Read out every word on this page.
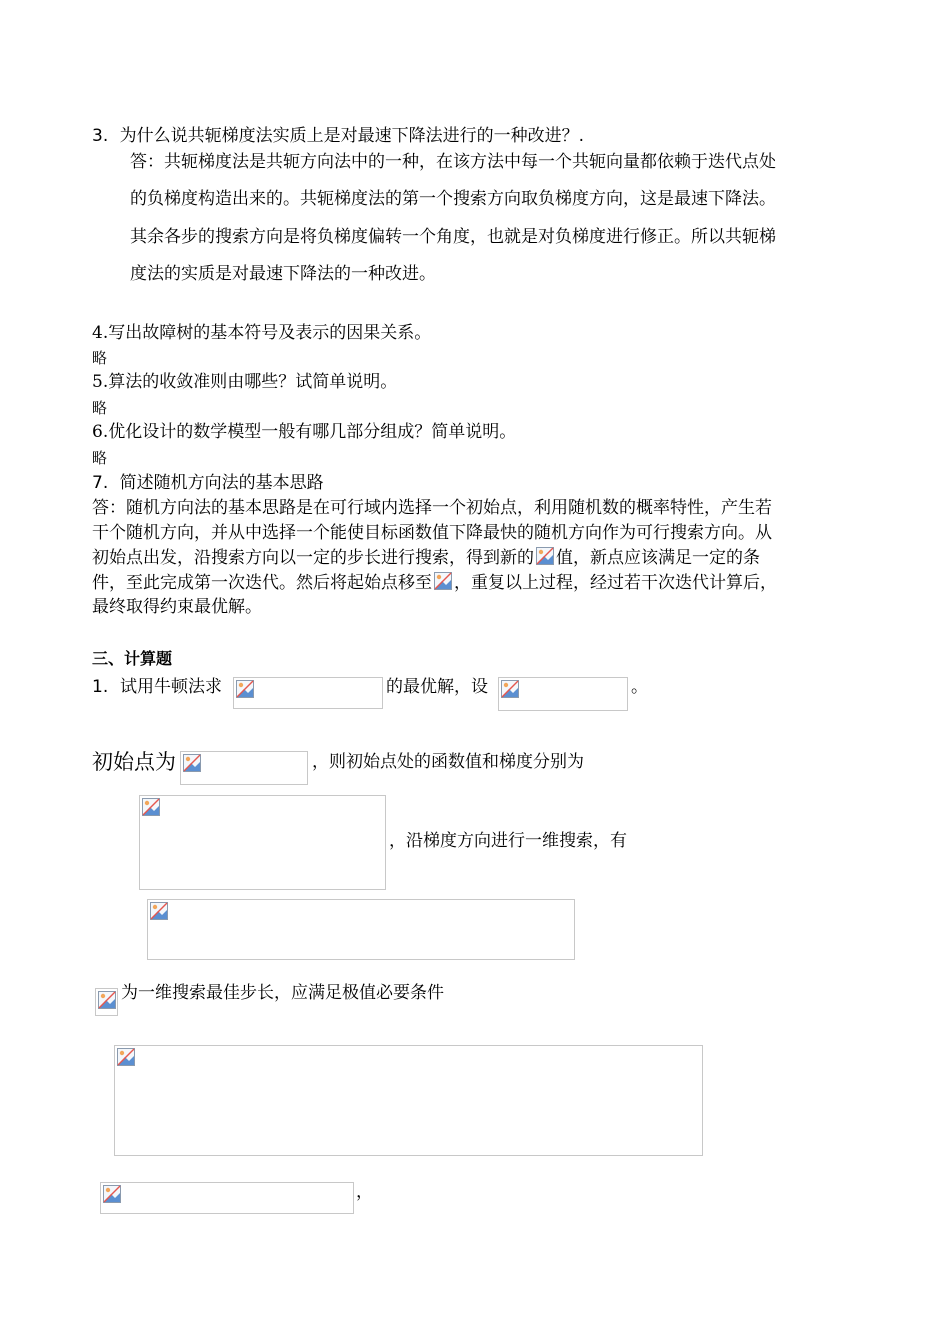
3. 为什么说共轭梯度法实质上是对最速下降法进行的一种改进？.
答：共轭梯度法是共轭方向法中的一种，在该方法中每一个共轭向量都依赖于迭代点处
的负梯度构造出来的。共轭梯度法的第一个搜索方向取负梯度方向，这是最速下降法。
其余各步的搜索方向是将负梯度偏转一个角度，也就是对负梯度进行修正。所以共轭梯
度法的实质是对最速下降法的一种改进。
4.写出故障树的基本符号及表示的因果关系。
略
5.算法的收敛准则由哪些？试简单说明。
略
6.优化设计的数学模型一般有哪几部分组成？简单说明。
略
7. 简述随机方向法的基本思路
答：随机方向法的基本思路是在可行域内选择一个初始点，利用随机数的概率特性，产生若
干个随机方向，并从中选择一个能使目标函数值下降最快的随机方向作为可行搜索方向。从
初始点出发，沿搜索方向以一定的步长进行搜索，得到新的 值，新点应该满足一定的条
件，至此完成第一次迭代。然后将起始点移至 ，重复以上过程，经过若干次迭代计算后，
最终取得约束最优解。
三、计算题
1. 试用牛顿法求	的最优解，设	。
初始点为	，则初始点处的函数值和梯度分别为
，沿梯度方向进行一维搜索，有
为一维搜索最佳步长，应满足极值必要条件
，
